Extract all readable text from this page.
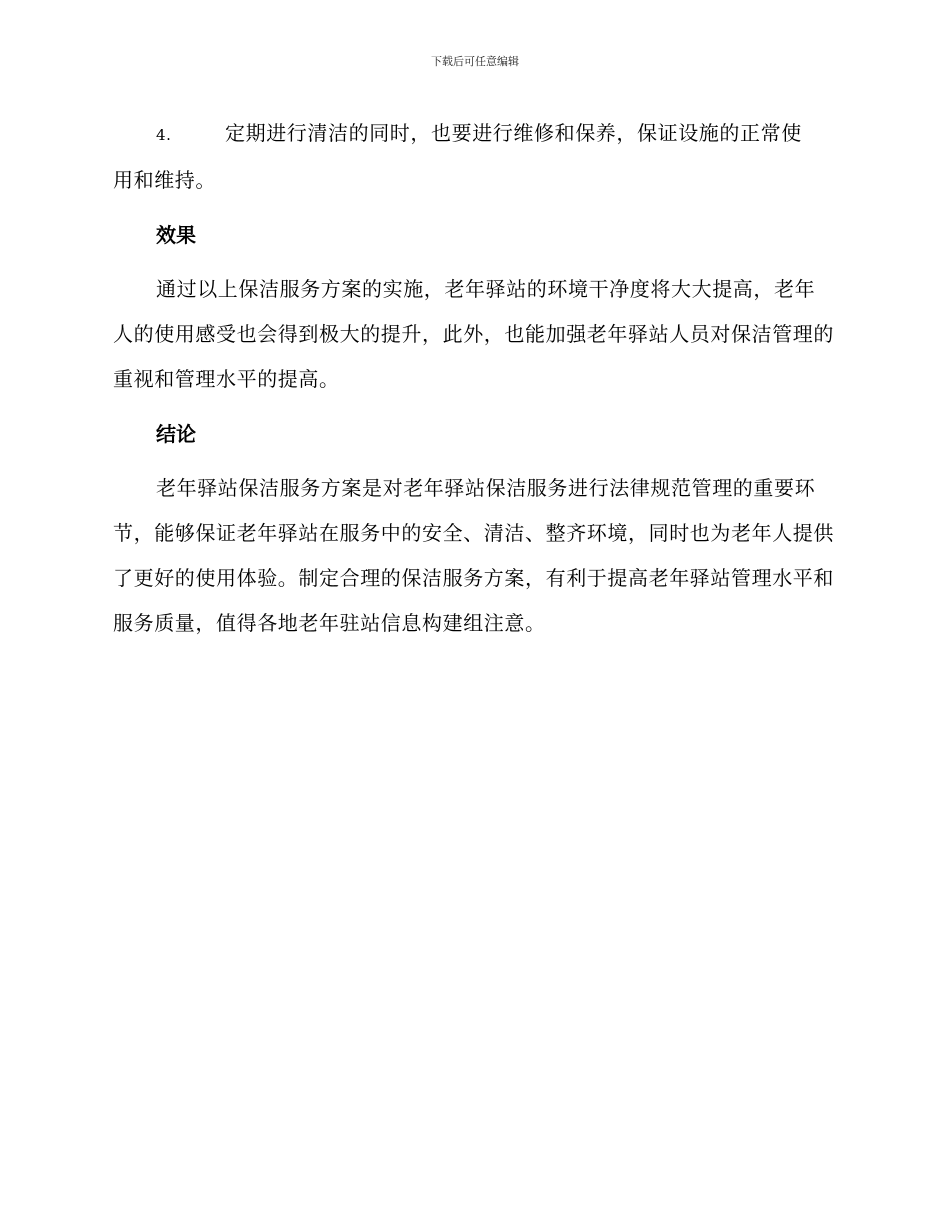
下载后可任意编辑

4.	定期进行清洁的同时，也要进行维修和保养，保证设施的正常使

用和维持。

效果

通过以上保洁服务方案的实施，老年驿站的环境干净度将大大提高，老年人的使用感受也会得到极大的提升，此外，也能加强老年驿站人员对保洁管理的重视和管理水平的提高。

结论

老年驿站保洁服务方案是对老年驿站保洁服务进行法律规范管理的重要环节，能够保证老年驿站在服务中的安全、清洁、整齐环境，同时也为老年人提供了更好的使用体验。制定合理的保洁服务方案，有利于提高老年驿站管理水平和服务质量，值得各地老年驻站信息构建组注意。
